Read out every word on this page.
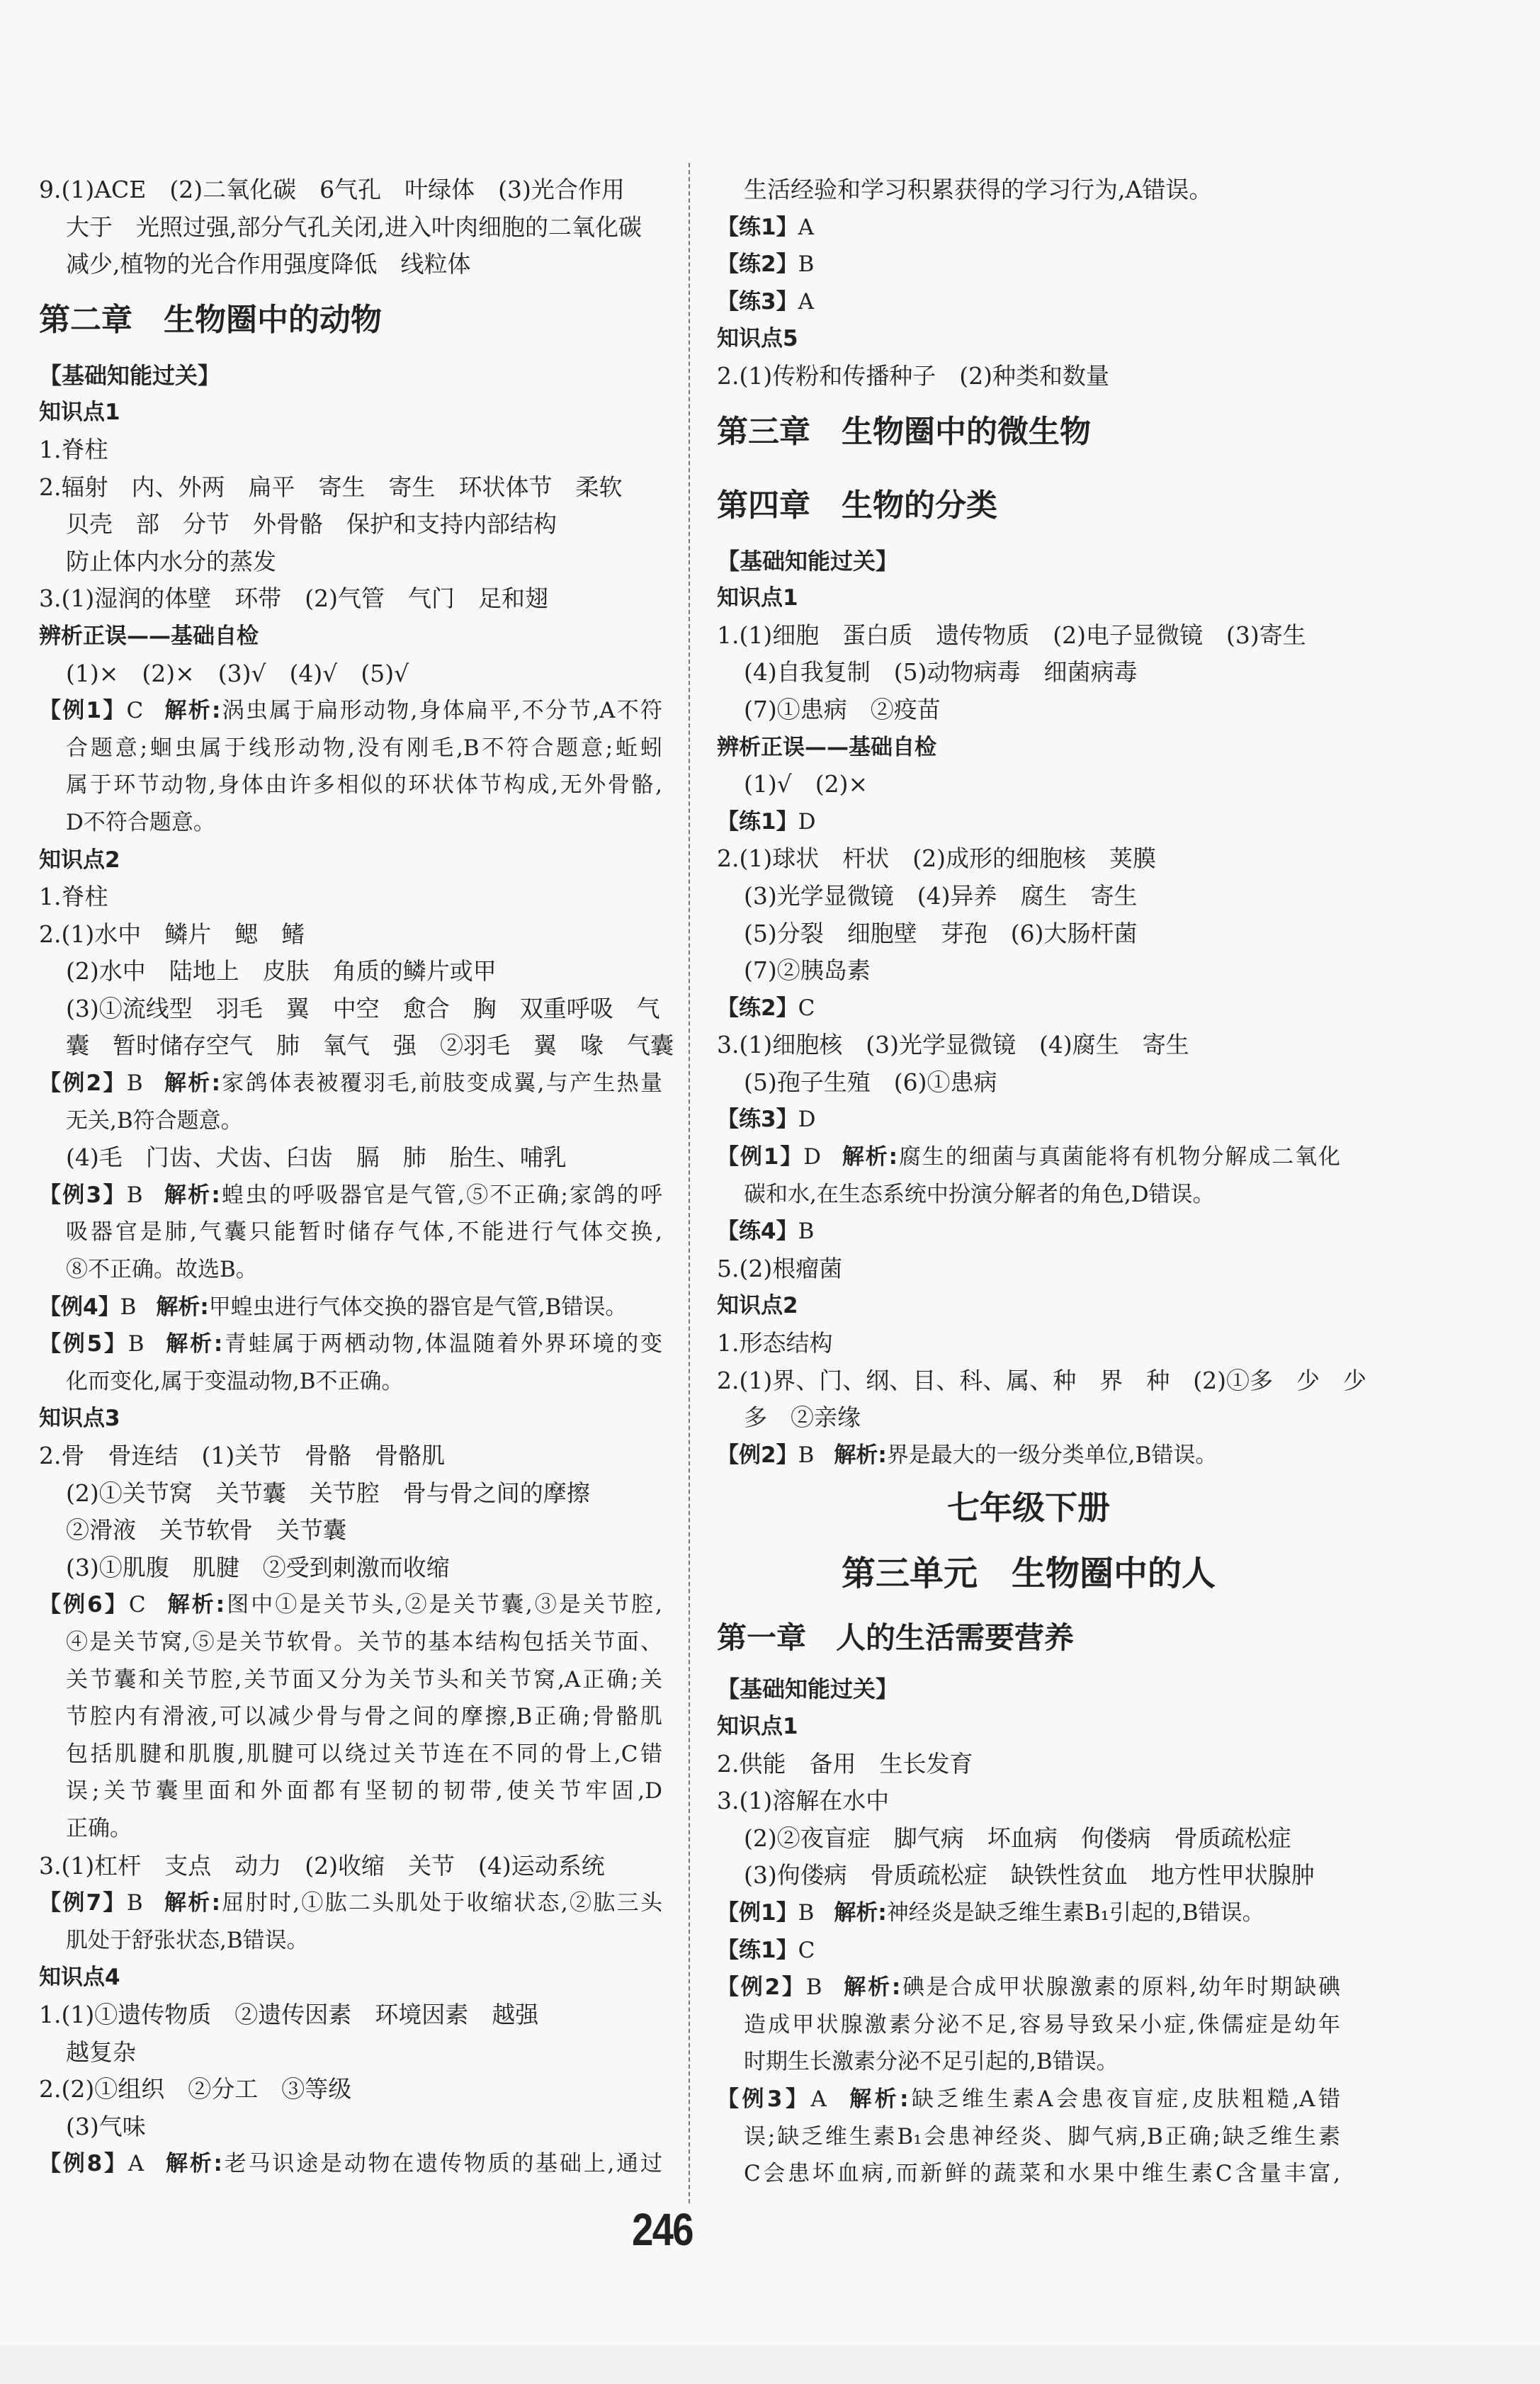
9.(1)ACE　(2)二氧化碳　6气孔　叶绿体　(3)光合作用
大于　光照过强,部分气孔关闭,进入叶肉细胞的二氧化碳
减少,植物的光合作用强度降低　线粒体
第二章　生物圈中的动物
【基础知能过关】
知识点1
1.脊柱
2.辐射　内、外两　扁平　寄生　寄生　环状体节　柔软
贝壳　部　分节　外骨骼　保护和支持内部结构
防止体内水分的蒸发
3.(1)湿润的体壁　环带　(2)气管　气门　足和翅
辨析正误——基础自检
(1)×　(2)×　(3)√　(4)√　(5)√
【例1】C 解析:涡虫属于扁形动物,身体扁平,不分节,A不符
合题意;蛔虫属于线形动物,没有刚毛,B不符合题意;蚯蚓
属于环节动物,身体由许多相似的环状体节构成,无外骨骼,
D不符合题意。
知识点2
1.脊柱
2.(1)水中　鳞片　鳃　鳍
(2)水中　陆地上　皮肤　角质的鳞片或甲
(3)①流线型　羽毛　翼　中空　愈合　胸　双重呼吸　气
囊　暂时储存空气　肺　氧气　强　②羽毛　翼　喙　气囊
【例2】B 解析:家鸽体表被覆羽毛,前肢变成翼,与产生热量
无关,B符合题意。
(4)毛　门齿、犬齿、臼齿　膈　肺　胎生、哺乳
【例3】B 解析:蝗虫的呼吸器官是气管,⑤不正确;家鸽的呼
吸器官是肺,气囊只能暂时储存气体,不能进行气体交换,
⑧不正确。故选B。
【例4】B 解析:甲蝗虫进行气体交换的器官是气管,B错误。
【例5】B 解析:青蛙属于两栖动物,体温随着外界环境的变
化而变化,属于变温动物,B不正确。
知识点3
2.骨　骨连结　(1)关节　骨骼　骨骼肌
(2)①关节窝　关节囊　关节腔　骨与骨之间的摩擦
②滑液　关节软骨　关节囊
(3)①肌腹　肌腱　②受到刺激而收缩
【例6】C 解析:图中①是关节头,②是关节囊,③是关节腔,
④是关节窝,⑤是关节软骨。关节的基本结构包括关节面、
关节囊和关节腔,关节面又分为关节头和关节窝,A正确;关
节腔内有滑液,可以减少骨与骨之间的摩擦,B正确;骨骼肌
包括肌腱和肌腹,肌腱可以绕过关节连在不同的骨上,C错
误;关节囊里面和外面都有坚韧的韧带,使关节牢固,D
正确。
3.(1)杠杆　支点　动力　(2)收缩　关节　(4)运动系统
【例7】B 解析:屈肘时,①肱二头肌处于收缩状态,②肱三头
肌处于舒张状态,B错误。
知识点4
1.(1)①遗传物质　②遗传因素　环境因素　越强
越复杂
2.(2)①组织　②分工　③等级
(3)气味
【例8】A 解析:老马识途是动物在遗传物质的基础上,通过
生活经验和学习积累获得的学习行为,A错误。
【练1】A
【练2】B
【练3】A
知识点5
2.(1)传粉和传播种子　(2)种类和数量
第三章　生物圈中的微生物
第四章　生物的分类
【基础知能过关】
知识点1
1.(1)细胞　蛋白质　遗传物质　(2)电子显微镜　(3)寄生
(4)自我复制　(5)动物病毒　细菌病毒
(7)①患病　②疫苗
辨析正误——基础自检
(1)√　(2)×
【练1】D
2.(1)球状　杆状　(2)成形的细胞核　荚膜
(3)光学显微镜　(4)异养　腐生　寄生
(5)分裂　细胞壁　芽孢　(6)大肠杆菌
(7)②胰岛素
【练2】C
3.(1)细胞核　(3)光学显微镜　(4)腐生　寄生
(5)孢子生殖　(6)①患病
【练3】D
【例1】D 解析:腐生的细菌与真菌能将有机物分解成二氧化
碳和水,在生态系统中扮演分解者的角色,D错误。
【练4】B
5.(2)根瘤菌
知识点2
1.形态结构
2.(1)界、门、纲、目、科、属、种　界　种　(2)①多　少　少
多　②亲缘
【例2】B 解析:界是最大的一级分类单位,B错误。
七年级下册
第三单元　生物圈中的人
第一章　人的生活需要营养
【基础知能过关】
知识点1
2.供能　备用　生长发育
3.(1)溶解在水中
(2)②夜盲症　脚气病　坏血病　佝偻病　骨质疏松症
(3)佝偻病　骨质疏松症　缺铁性贫血　地方性甲状腺肿
【例1】B 解析:神经炎是缺乏维生素B₁引起的,B错误。
【练1】C
【例2】B 解析:碘是合成甲状腺激素的原料,幼年时期缺碘
造成甲状腺激素分泌不足,容易导致呆小症,侏儒症是幼年
时期生长激素分泌不足引起的,B错误。
【例3】A 解析:缺乏维生素A会患夜盲症,皮肤粗糙,A错
误;缺乏维生素B₁会患神经炎、脚气病,B正确;缺乏维生素
C会患坏血病,而新鲜的蔬菜和水果中维生素C含量丰富,
246
